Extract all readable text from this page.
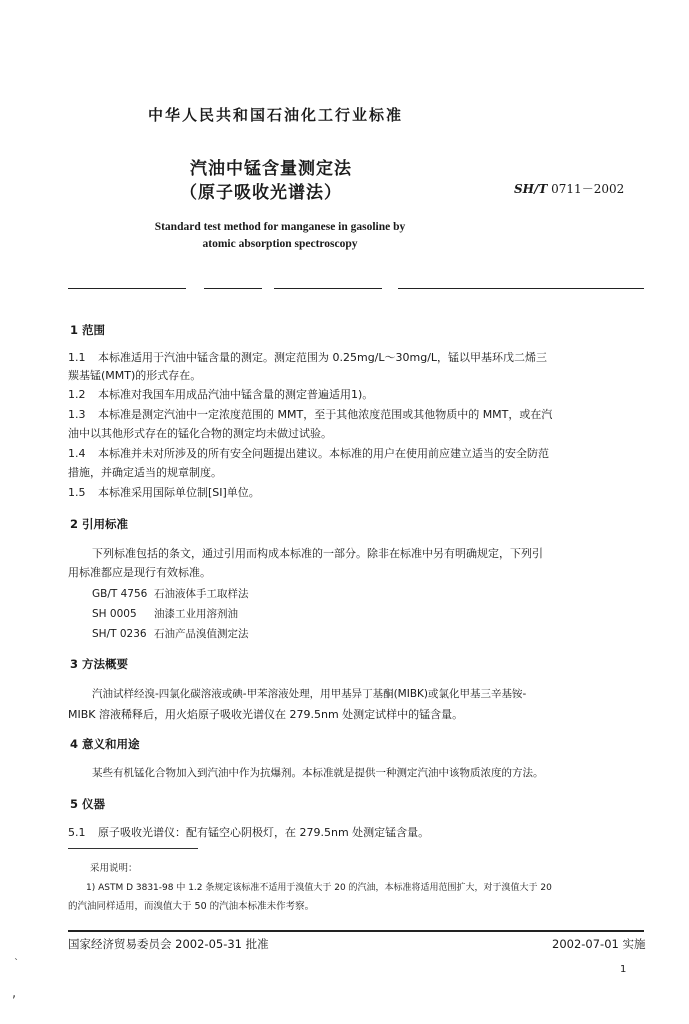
中华人民共和国石油化工行业标准
汽油中锰含量测定法
（原子吸收光谱法）	SH/T 0711－2002
Standard test method for manganese in gasoline by
atomic absorption spectroscopy
1 范围
1.1 本标准适用于汽油中锰含量的测定。测定范围为 0.25mg/L～30mg/L，锰以甲基环戊二烯三
羰基锰(MMT)的形式存在。
1.2 本标准对我国车用成品汽油中锰含量的测定普遍适用1)。
1.3 本标准是测定汽油中一定浓度范围的 MMT，至于其他浓度范围或其他物质中的 MMT，或在汽
油中以其他形式存在的锰化合物的测定均未做过试验。
1.4 本标准并未对所涉及的所有安全问题提出建议。本标准的用户在使用前应建立适当的安全防范
措施，并确定适当的规章制度。
1.5 本标准采用国际单位制[SI]单位。
2 引用标准
下列标准包括的条文，通过引用而构成本标准的一部分。除非在标准中另有明确规定，下列引
用标准都应是现行有效标准。
GB/T 4756 石油液体手工取样法
SH 0005 油漆工业用溶剂油
SH/T 0236 石油产品溴值测定法
3 方法概要
汽油试样经溴-四氯化碳溶液或碘-甲苯溶液处理，用甲基异丁基酮(MIBK)或氯化甲基三辛基铵-
MIBK 溶液稀释后，用火焰原子吸收光谱仪在 279.5nm 处测定试样中的锰含量。
4 意义和用途
某些有机锰化合物加入到汽油中作为抗爆剂。本标准就是提供一种测定汽油中该物质浓度的方法。
5 仪器
5.1 原子吸收光谱仪：配有锰空心阴极灯，在 279.5nm 处测定锰含量。
采用说明：
1) ASTM D 3831-98 中 1.2 条规定该标准不适用于溴值大于 20 的汽油，本标准将适用范围扩大，对于溴值大于 20
的汽油同样适用，而溴值大于 50 的汽油本标准未作考察。
国家经济贸易委员会 2002-05-31 批准	2002-07-01 实施
1
`
,
